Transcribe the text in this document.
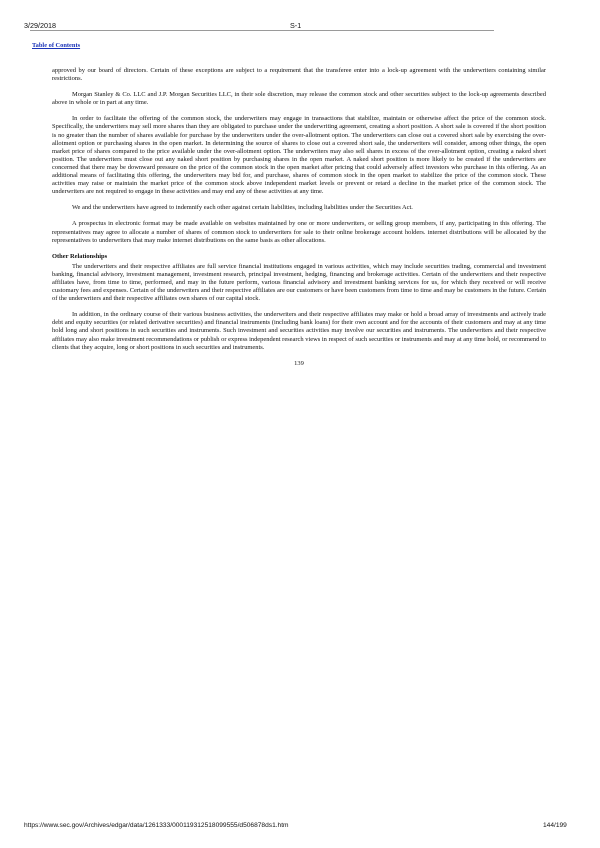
3/29/2018	S-1
Table of Contents

approved by our board of directors. Certain of these exceptions are subject to a requirement that the transferee enter into a lock-up agreement with the underwriters containing similar restrictions.

Morgan Stanley & Co. LLC and J.P. Morgan Securities LLC, in their sole discretion, may release the common stock and other securities subject to the lock-up agreements described above in whole or in part at any time.

In order to facilitate the offering of the common stock, the underwriters may engage in transactions that stabilize, maintain or otherwise affect the price of the common stock. Specifically, the underwriters may sell more shares than they are obligated to purchase under the underwriting agreement, creating a short position. A short sale is covered if the short position is no greater than the number of shares available for purchase by the underwriters under the over-allotment option. The underwriters can close out a covered short sale by exercising the over-allotment option or purchasing shares in the open market. In determining the source of shares to close out a covered short sale, the underwriters will consider, among other things, the open market price of shares compared to the price available under the over-allotment option. The underwriters may also sell shares in excess of the over-allotment option, creating a naked short position. The underwriters must close out any naked short position by purchasing shares in the open market. A naked short position is more likely to be created if the underwriters are concerned that there may be downward pressure on the price of the common stock in the open market after pricing that could adversely affect investors who purchase in this offering. As an additional means of facilitating this offering, the underwriters may bid for, and purchase, shares of common stock in the open market to stabilize the price of the common stock. These activities may raise or maintain the market price of the common stock above independent market levels or prevent or retard a decline in the market price of the common stock. The underwriters are not required to engage in these activities and may end any of these activities at any time.

We and the underwriters have agreed to indemnify each other against certain liabilities, including liabilities under the Securities Act.

A prospectus in electronic format may be made available on websites maintained by one or more underwriters, or selling group members, if any, participating in this offering. The representatives may agree to allocate a number of shares of common stock to underwriters for sale to their online brokerage account holders. internet distributions will be allocated by the representatives to underwriters that may make internet distributions on the same basis as other allocations.

Other Relationships

The underwriters and their respective affiliates are full service financial institutions engaged in various activities, which may include securities trading, commercial and investment banking, financial advisory, investment management, investment research, principal investment, hedging, financing and brokerage activities. Certain of the underwriters and their respective affiliates have, from time to time, performed, and may in the future perform, various financial advisory and investment banking services for us, for which they received or will receive customary fees and expenses. Certain of the underwriters and their respective affiliates are our customers or have been customers from time to time and may be customers in the future. Certain of the underwriters and their respective affiliates own shares of our capital stock.

In addition, in the ordinary course of their various business activities, the underwriters and their respective affiliates may make or hold a broad array of investments and actively trade debt and equity securities (or related derivative securities) and financial instruments (including bank loans) for their own account and for the accounts of their customers and may at any time hold long and short positions in such securities and instruments. Such investment and securities activities may involve our securities and instruments. The underwriters and their respective affiliates may also make investment recommendations or publish or express independent research views in respect of such securities or instruments and may at any time hold, or recommend to clients that they acquire, long or short positions in such securities and instruments.

139
https://www.sec.gov/Archives/edgar/data/1261333/000119312518099555/d506878ds1.htm	144/199
